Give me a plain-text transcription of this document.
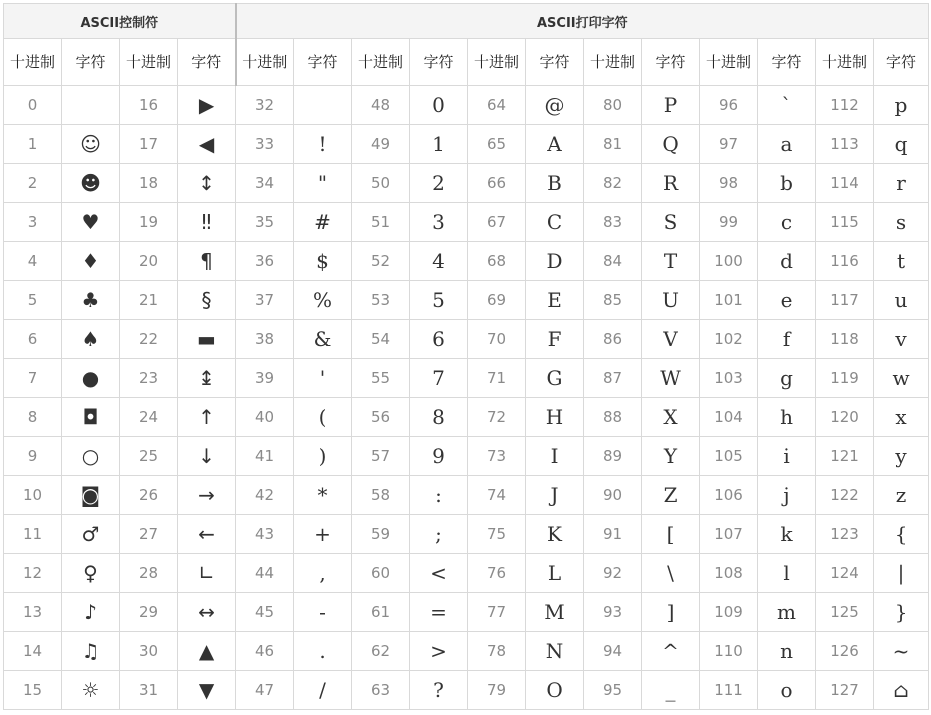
ASCII控制符				ASCII打印字符											
十进制	字符	十进制	字符	十进制	字符	十进制	字符	十进制	字符	十进制	字符	十进制	字符	十进制	字符
0		16	▶	32		48	0	64	@	80	P	96	`	112	p
1	☺	17	◀	33	!	49	1	65	A	81	Q	97	a	113	q
2	☻	18	↕	34	"	50	2	66	B	82	R	98	b	114	r
3	♥	19	‼	35	#	51	3	67	C	83	S	99	c	115	s
4	♦	20	¶	36	$	52	4	68	D	84	T	100	d	116	t
5	♣	21	§	37	%	53	5	69	E	85	U	101	e	117	u
6	♠	22	▬	38	&	54	6	70	F	86	V	102	f	118	v
7	●	23	↨	39	'	55	7	71	G	87	W	103	g	119	w
8	◘	24	↑	40	(	56	8	72	H	88	X	104	h	120	x
9	○	25	↓	41	)	57	9	73	I	89	Y	105	i	121	y
10	◙	26	→	42	*	58	:	74	J	90	Z	106	j	122	z
11	♂	27	←	43	+	59	;	75	K	91	[	107	k	123	{
12	♀	28	∟	44	,	60	<	76	L	92	\	108	l	124	|
13	♪	29	↔	45	-	61	=	77	M	93	]	109	m	125	}
14	♫	30	▲	46	.	62	>	78	N	94	^	110	n	126	~
15	☼	31	▼	47	/	63	?	79	O	95	_	111	o	127	⌂
